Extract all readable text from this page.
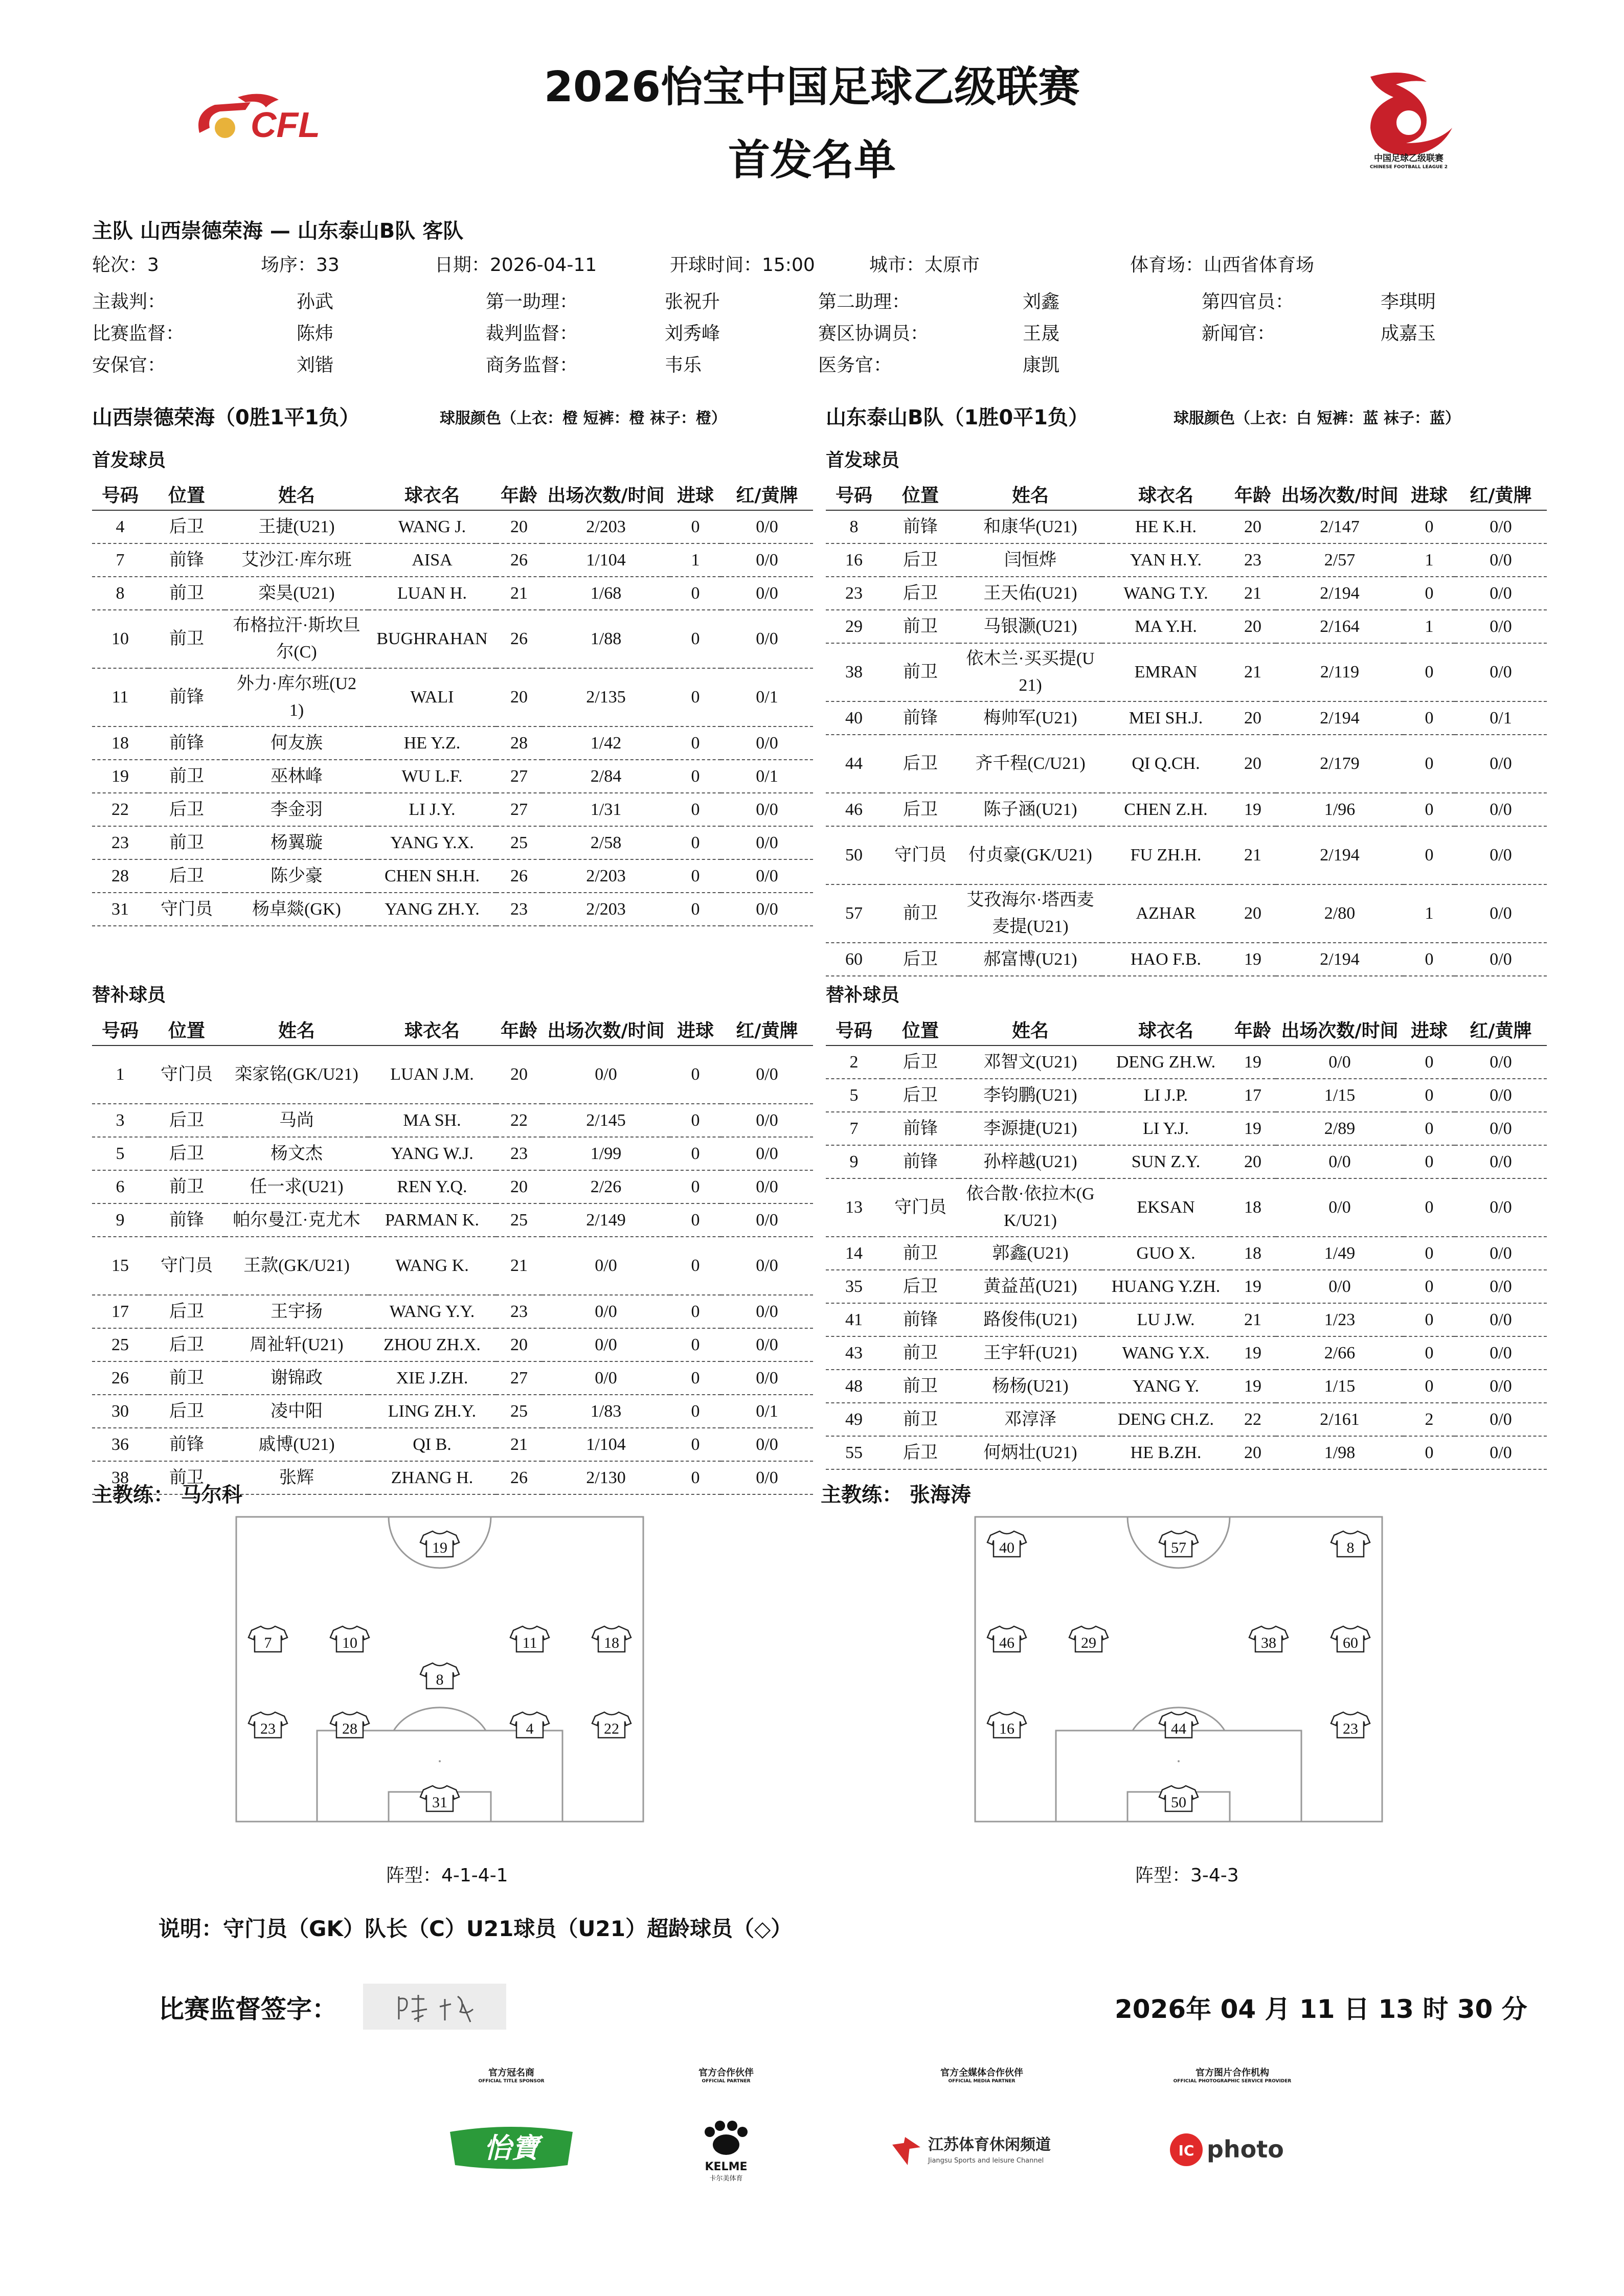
CFL
2026怡宝中国足球乙级联赛
首发名单	中国足球乙级联赛
CHINESE FOOTBALL LEAGUE 2
主队 山西崇德荣海 — 山东泰山B队 客队
轮次：3	场序：33	日期：2026-04-11	开球时间：15:00	城市：太原市	体育场：山西省体育场
主裁判：	孙武	第一助理：	张祝升	第二助理：	刘鑫	第四官员：	李琪明
比赛监督：	陈炜	裁判监督：	刘秀峰	赛区协调员：	王晟	新闻官：	成嘉玉
安保官：	刘锴	商务监督：	韦乐	医务官：	康凯
山西崇德荣海（0胜1平1负）	球服颜色（上衣：橙 短裤：橙 袜子：橙）	山东泰山B队（1胜0平1负）	球服颜色（上衣：白 短裤：蓝 袜子：蓝）
首发球员	首发球员
号码	位置	姓名	球衣名	年龄	出场次数/时间	进球	红/黄牌
4	后卫	王捷(U21)	WANG J.	20	2/203	0	0/0
7	前锋	艾沙江·库尔班	AISA	26	1/104	1	0/0
8	前卫	栾昊(U21)	LUAN H.	21	1/68	0	0/0
10	前卫	布格拉汗·斯坎旦尔(C)	BUGHRAHAN	26	1/88	0	0/0
11	前锋	外力·库尔班(U21)	WALI	20	2/135	0	0/1
18	前锋	何友族	HE Y.Z.	28	1/42	0	0/0
19	前卫	巫林峰	WU L.F.	27	2/84	0	0/1
22	后卫	李金羽	LI J.Y.	27	1/31	0	0/0
23	前卫	杨翼璇	YANG Y.X.	25	2/58	0	0/0
28	后卫	陈少豪	CHEN SH.H.	26	2/203	0	0/0
31	守门员	杨卓燚(GK)	YANG ZH.Y.	23	2/203	0	0/0
号码	位置	姓名	球衣名	年龄	出场次数/时间	进球	红/黄牌
8	前锋	和康华(U21)	HE K.H.	20	2/147	0	0/0
16	后卫	闫恒烨	YAN H.Y.	23	2/57	1	0/0
23	后卫	王天佑(U21)	WANG T.Y.	21	2/194	0	0/0
29	前卫	马银灏(U21)	MA Y.H.	20	2/164	1	0/0
38	前卫	依木兰·买买提(U21)	EMRAN	21	2/119	0	0/0
40	前锋	梅帅军(U21)	MEI SH.J.	20	2/194	0	0/1
44	后卫	齐千程(C/U21)	QI Q.CH.	20	2/179	0	0/0
46	后卫	陈子涵(U21)	CHEN Z.H.	19	1/96	0	0/0
50	守门员	付贞豪(GK/U21)	FU ZH.H.	21	2/194	0	0/0
57	前卫	艾孜海尔·塔西麦麦提(U21)	AZHAR	20	2/80	1	0/0
60	后卫	郝富博(U21)	HAO F.B.	19	2/194	0	0/0
替补球员	替补球员
号码	位置	姓名	球衣名	年龄	出场次数/时间	进球	红/黄牌
1	守门员	栾家铭(GK/U21)	LUAN J.M.	20	0/0	0	0/0
3	后卫	马尚	MA SH.	22	2/145	0	0/0
5	后卫	杨文杰	YANG W.J.	23	1/99	0	0/0
6	前卫	任一求(U21)	REN Y.Q.	20	2/26	0	0/0
9	前锋	帕尔曼江·克尤木	PARMAN K.	25	2/149	0	0/0
15	守门员	王款(GK/U21)	WANG K.	21	0/0	0	0/0
17	后卫	王宇扬	WANG Y.Y.	23	0/0	0	0/0
25	后卫	周祉轩(U21)	ZHOU ZH.X.	20	0/0	0	0/0
26	前卫	谢锦政	XIE J.ZH.	27	0/0	0	0/0
30	后卫	凌中阳	LING ZH.Y.	25	1/83	0	0/1
36	前锋	戚博(U21)	QI B.	21	1/104	0	0/0
38	前卫	张辉	ZHANG H.	26	2/130	0	0/0
号码	位置	姓名	球衣名	年龄	出场次数/时间	进球	红/黄牌
2	后卫	邓智文(U21)	DENG ZH.W.	19	0/0	0	0/0
5	后卫	李钧鹏(U21)	LI J.P.	17	1/15	0	0/0
7	前锋	李源捷(U21)	LI Y.J.	19	2/89	0	0/0
9	前锋	孙梓越(U21)	SUN Z.Y.	20	0/0	0	0/0
13	守门员	依合散·依拉木(GK/U21)	EKSAN	18	0/0	0	0/0
14	前卫	郭鑫(U21)	GUO X.	18	1/49	0	0/0
35	后卫	黄益茁(U21)	HUANG Y.ZH.	19	0/0	0	0/0
41	前锋	路俊伟(U21)	LU J.W.	21	1/23	0	0/0
43	前卫	王宇轩(U21)	WANG Y.X.	19	2/66	0	0/0
48	前卫	杨杨(U21)	YANG Y.	19	1/15	0	0/0
49	前卫	邓淳泽	DENG CH.Z.	22	2/161	2	0/0
55	后卫	何炳壮(U21)	HE B.ZH.	20	1/98	0	0/0
主教练： 马尔科	主教练： 张海涛
19
7	10	11	18
8
23	28	4	22
31
40	57	8
46	29	38	60
16	44	23
50
阵型：4-1-4-1	阵型：3-4-3
说明：守门员（GK）队长（C）U21球员（U21）超龄球员（◇）
比赛监督签字：	2026年 04 月 11 日 13 时 30 分
官方冠名商
OFFICIAL TITLE SPONSOR
官方合作伙伴
OFFICIAL PARTNER
官方全媒体合作伙伴
OFFICIAL MEDIA PARTNER
官方图片合作机构
OFFICIAL PHOTOGRAPHIC SERVICE PROVIDER
怡寶
KELME
卡尔美体育
江苏体育休闲频道
Jiangsu Sports and leisure Channel
IC photo
